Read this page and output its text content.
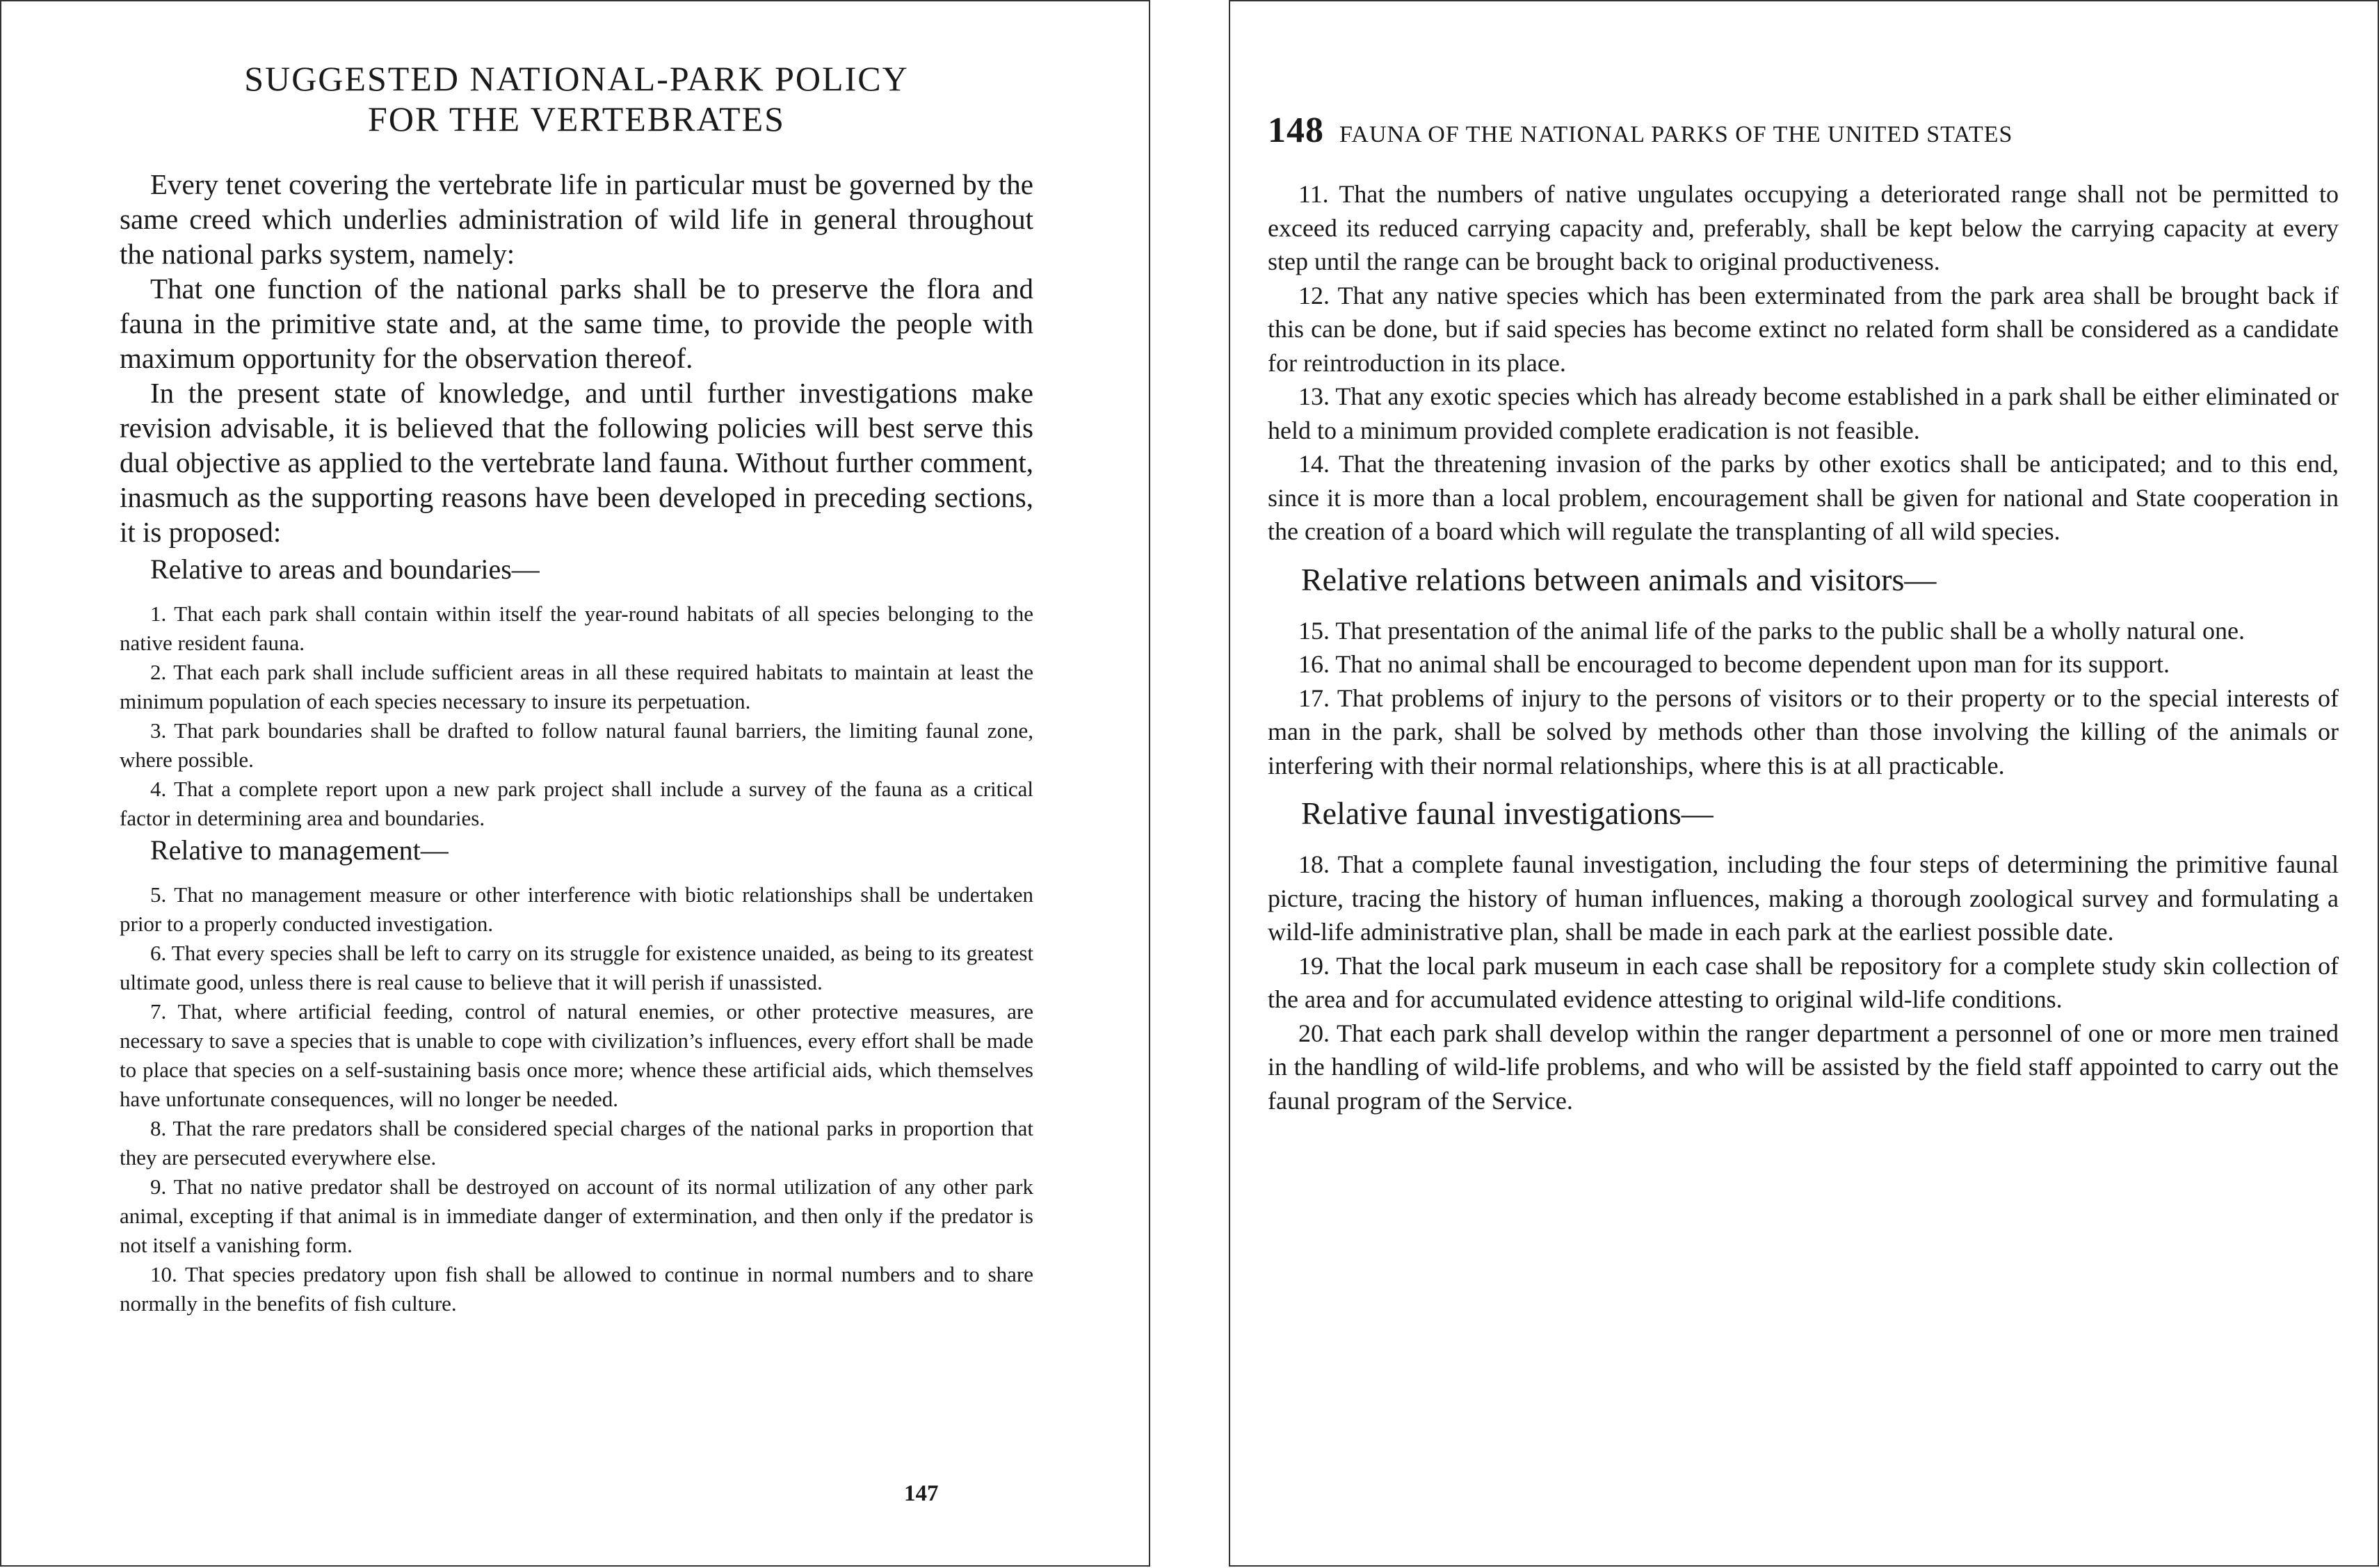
SUGGESTED NATIONAL-PARK POLICY
FOR THE VERTEBRATES

Every tenet covering the vertebrate life in particular must be governed by the same creed which underlies administration of wild life in general throughout the national parks system, namely:

That one function of the national parks shall be to preserve the flora and fauna in the primitive state and, at the same time, to provide the people with maximum opportunity for the observation thereof.

In the present state of knowledge, and until further investigations make revision advisable, it is believed that the following policies will best serve this dual objective as applied to the vertebrate land fauna. Without further comment, inasmuch as the supporting reasons have been developed in preceding sections, it is proposed:

Relative to areas and boundaries—
1. That each park shall contain within itself the year-round habitats of all species belonging to the native resident fauna.
2. That each park shall include sufficient areas in all these required habitats to maintain at least the minimum population of each species necessary to insure its perpetuation.
3. That park boundaries shall be drafted to follow natural faunal barriers, the limiting faunal zone, where possible.
4. That a complete report upon a new park project shall include a survey of the fauna as a critical factor in determining area and boundaries.
Relative to management—
5. That no management measure or other interference with biotic relationships shall be undertaken prior to a properly conducted investigation.
6. That every species shall be left to carry on its struggle for existence unaided, as being to its greatest ultimate good, unless there is real cause to believe that it will perish if unassisted.
7. That, where artificial feeding, control of natural enemies, or other protective measures, are necessary to save a species that is unable to cope with civilization’s influences, every effort shall be made to place that species on a self-sustaining basis once more; whence these artificial aids, which themselves have unfortunate consequences, will no longer be needed.
8. That the rare predators shall be considered special charges of the national parks in proportion that they are persecuted everywhere else.
9. That no native predator shall be destroyed on account of its normal utilization of any other park animal, excepting if that animal is in immediate danger of extermination, and then only if the predator is not itself a vanishing form.
10. That species predatory upon fish shall be allowed to continue in normal numbers and to share normally in the benefits of fish culture.
147
148 FAUNA OF THE NATIONAL PARKS OF THE UNITED STATES
11. That the numbers of native ungulates occupying a deteriorated range shall not be permitted to exceed its reduced carrying capacity and, preferably, shall be kept below the carrying capacity at every step until the range can be brought back to original productiveness.
12. That any native species which has been exterminated from the park area shall be brought back if this can be done, but if said species has become extinct no related form shall be considered as a candidate for reintroduction in its place.
13. That any exotic species which has already become established in a park shall be either eliminated or held to a minimum provided complete eradication is not feasible.
14. That the threatening invasion of the parks by other exotics shall be anticipated; and to this end, since it is more than a local problem, encouragement shall be given for national and State cooperation in the creation of a board which will regulate the transplanting of all wild species.
Relative relations between animals and visitors—
15. That presentation of the animal life of the parks to the public shall be a wholly natural one.
16. That no animal shall be encouraged to become dependent upon man for its support.
17. That problems of injury to the persons of visitors or to their property or to the special interests of man in the park, shall be solved by methods other than those involving the killing of the animals or interfering with their normal relationships, where this is at all practicable.
Relative faunal investigations—
18. That a complete faunal investigation, including the four steps of determining the primitive faunal picture, tracing the history of human influences, making a thorough zoological survey and formulating a wild-life administrative plan, shall be made in each park at the earliest possible date.
19. That the local park museum in each case shall be repository for a complete study skin collection of the area and for accumulated evidence attesting to original wild-life conditions.
20. That each park shall develop within the ranger department a personnel of one or more men trained in the handling of wild-life problems, and who will be assisted by the field staff appointed to carry out the faunal program of the Service.
